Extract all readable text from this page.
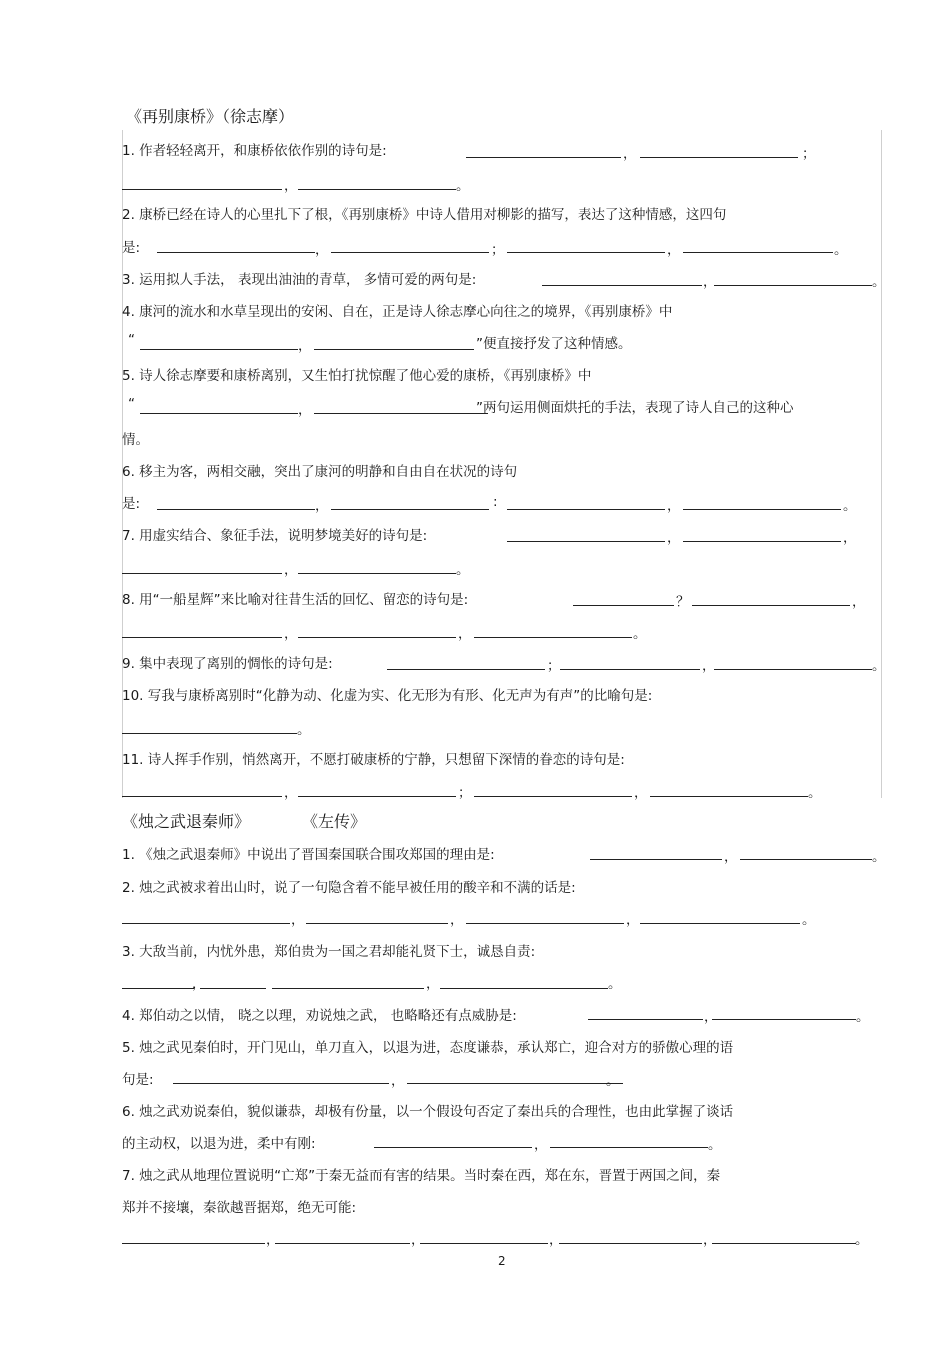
《再别康桥》（徐志摩）
1. 作者轻轻离开，和康桥依依作别的诗句是:	，	；
，	。
2. 康桥已经在诗人的心里扎下了根，《再别康桥》中诗人借用对柳影的描写，表达了这种情感，这四句
是:	，	；	，	。
3. 运用拟人手法， 表现出油油的青草， 多情可爱的两句是:	，	。
4. 康河的流水和水草呈现出的安闲、自在，正是诗人徐志摩心向往之的境界，《再别康桥》中
“	，	”便直接抒发了这种情感。
5. 诗人徐志摩要和康桥离别，又生怕打扰惊醒了他心爱的康桥，《再别康桥》中
“	，	”两句运用侧面烘托的手法，表现了诗人自己的这种心
情。
6. 移主为客，两相交融，突出了康河的明静和自由自在状况的诗句
是:	，	:	，	。
7. 用虚实结合、象征手法，说明梦境美好的诗句是:	，	，
，	。
8. 用“一船星辉”来比喻对往昔生活的回忆、留恋的诗句是:	？	，
，	，	。
9. 集中表现了离别的惆怅的诗句是:	；	，	。
10. 写我与康桥离别时“化静为动、化虚为实、化无形为有形、化无声为有声”的比喻句是:
。
11. 诗人挥手作别，悄然离开，不愿打破康桥的宁静，只想留下深情的眷恋的诗句是:
，	；	，	。
《烛之武退秦师》	《左传》
1. 《烛之武退秦师》中说出了晋国秦国联合围攻郑国的理由是:	，	。
2. 烛之武被求着出山时，说了一句隐含着不能早被任用的酸辛和不满的话是:
，	，	，	。
3. 大敌当前，内忧外患，郑伯贵为一国之君却能礼贤下士，诚恳自责:
，	，	。
4. 郑伯动之以情， 晓之以理，劝说烛之武， 也略略还有点威胁是:	，	。
5. 烛之武见秦伯时，开门见山，单刀直入，以退为进，态度谦恭，承认郑亡，迎合对方的骄傲心理的语
句是:	，	。
6. 烛之武劝说秦伯，貌似谦恭，却极有份量，以一个假设句否定了秦出兵的合理性，也由此掌握了谈话
的主动权，以退为进，柔中有刚:	，	。
7. 烛之武从地理位置说明“亡郑”于秦无益而有害的结果。当时秦在西，郑在东，晋置于两国之间，秦
郑并不接壤，秦欲越晋据郑，绝无可能:
，	，	，	，	。
2
